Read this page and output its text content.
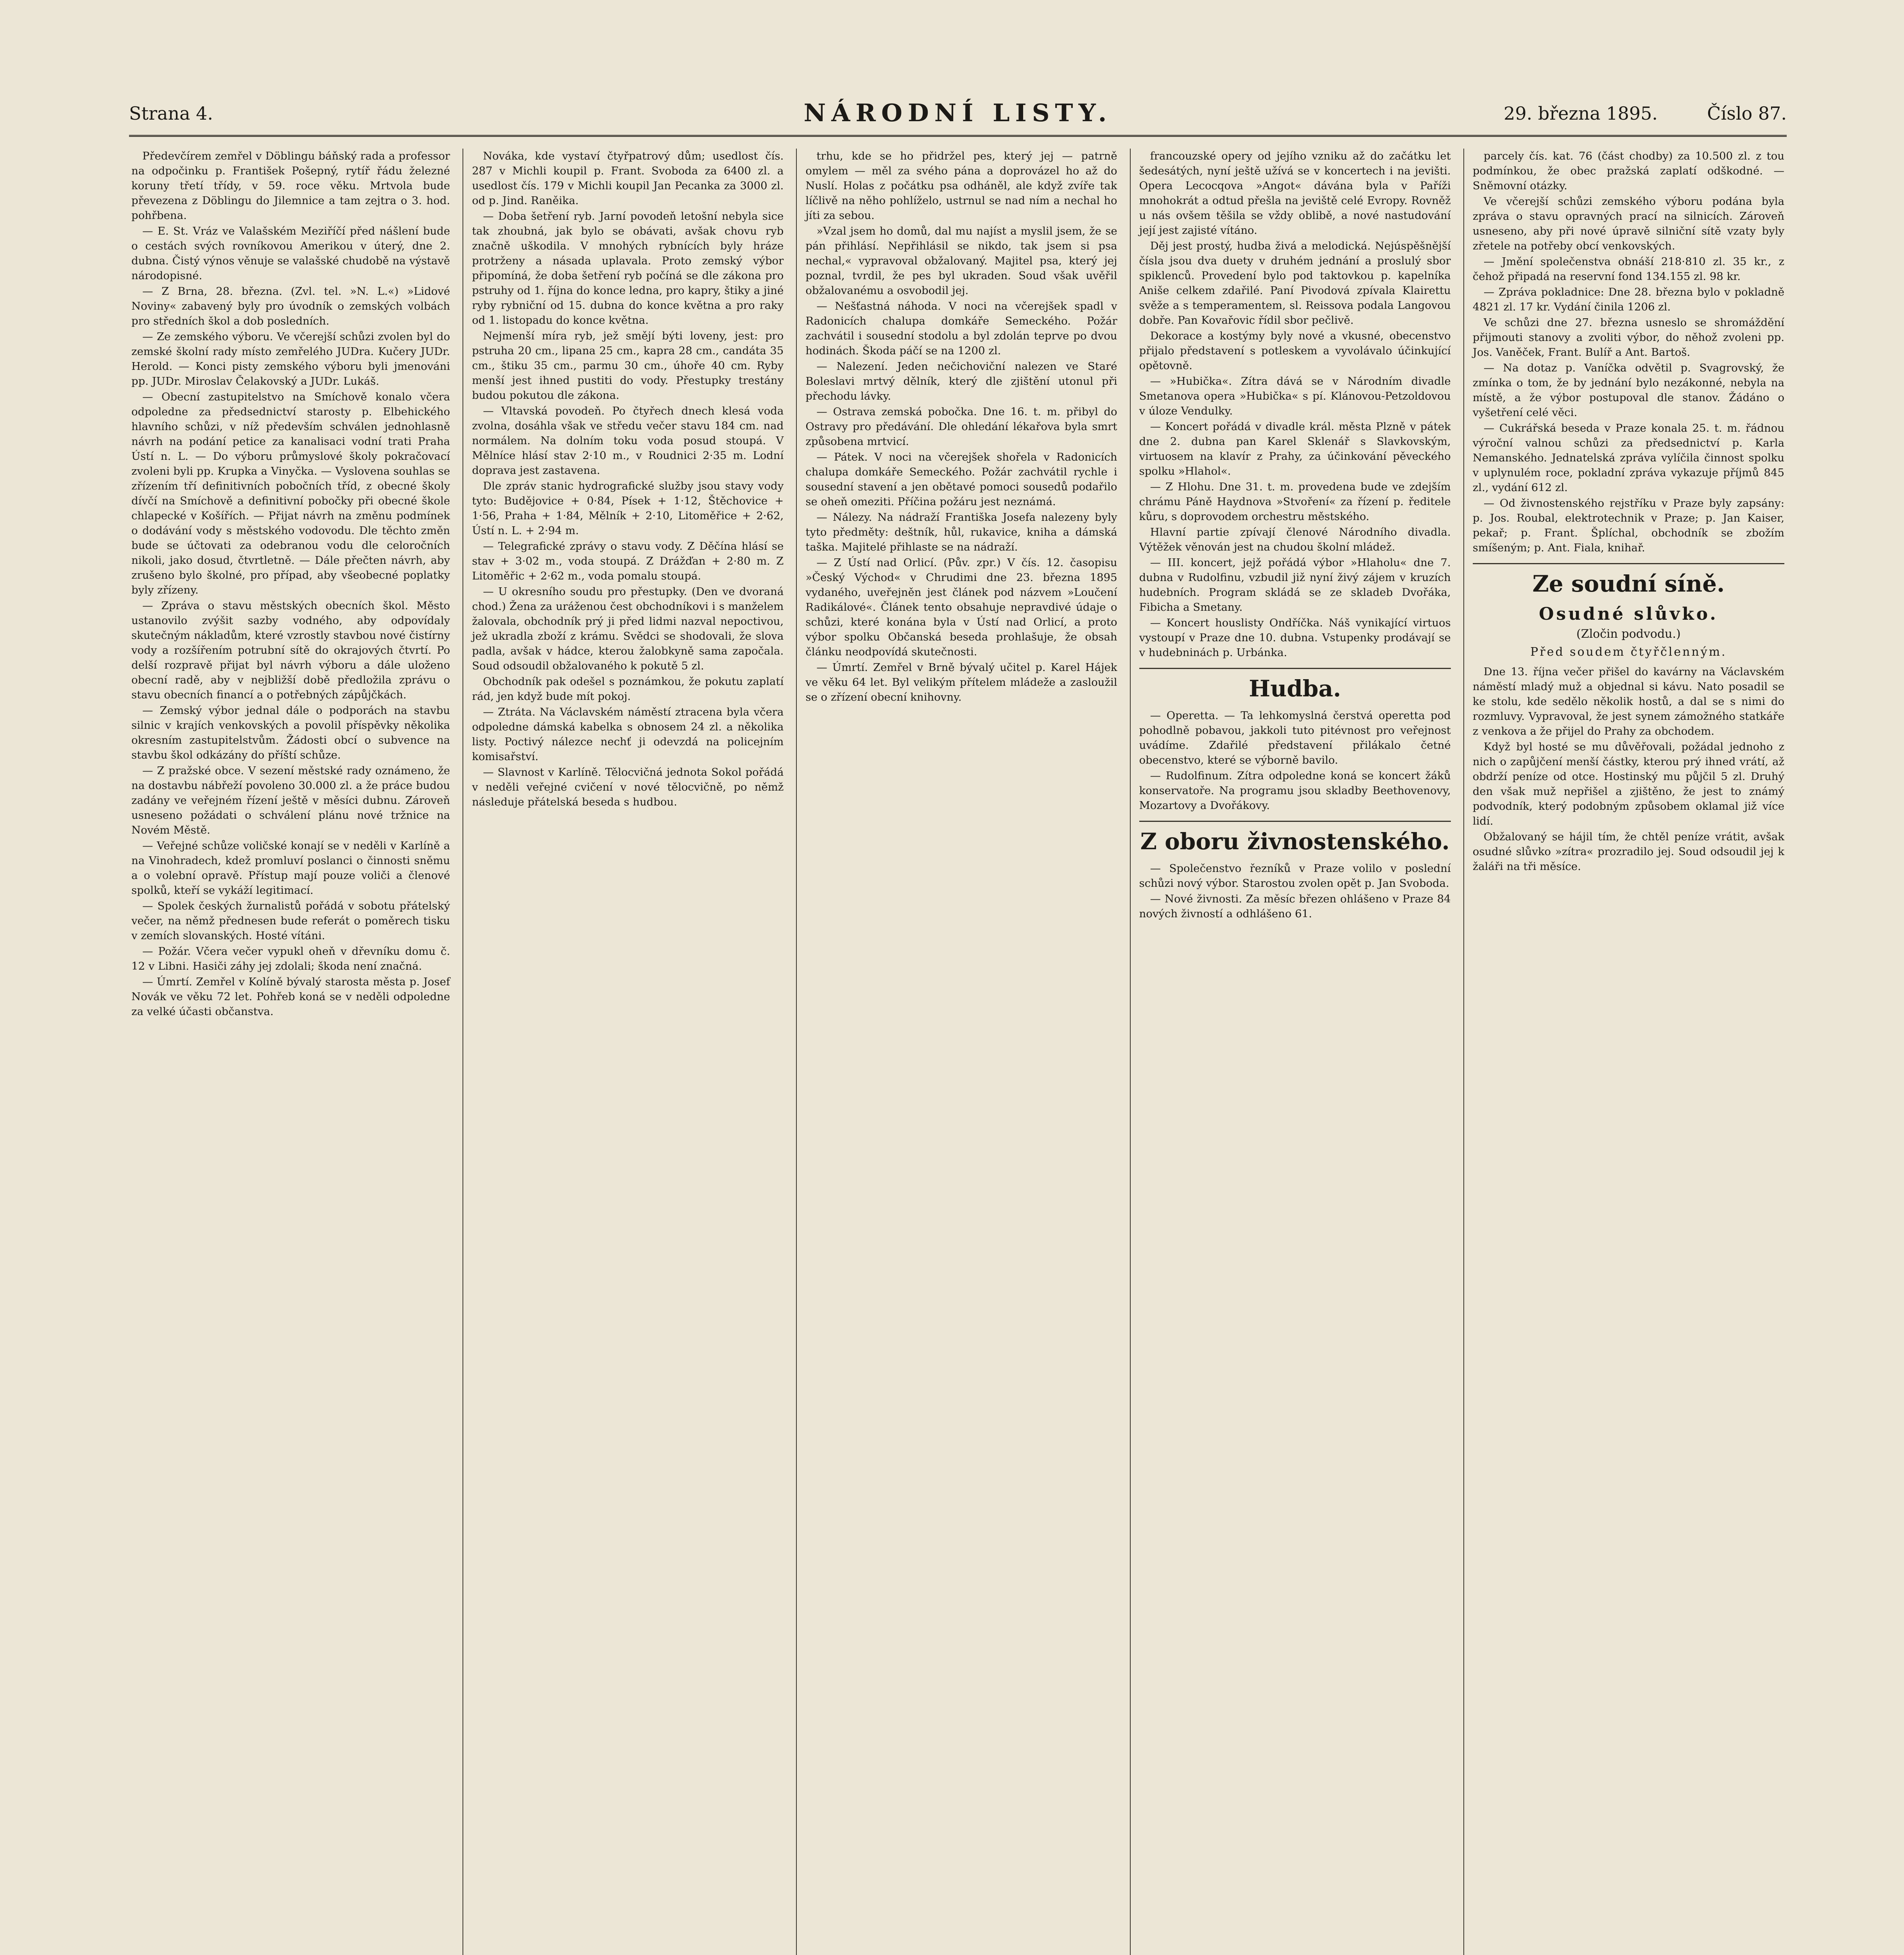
Strana 4.	NÁRODNÍ LISTY.	29. března 1895.	Číslo 87.

Předevčírem zemřel v Döblingu báňský rada a professor na odpočinku p. František Pošepný, rytíř řádu železné koruny třetí třídy, v 59. roce věku. Mrtvola bude převezena z Döblingu do Jilemnice a tam zejtra o 3. hod. pohřbena.

— E. St. Vráz ve Valašském Meziříčí před nášlení bude o cestách svých rovníkovou Amerikou v úterý, dne 2. dubna. Čistý výnos věnuje se valašské chudobě na výstavě národopisné.

— Z Brna, 28. března. (Zvl. tel. »N. L.«) »Lidové Noviny« zabavený byly pro úvodník o zemských volbách pro středních škol a dob posledních.

— Ze zemského výboru. Ve včerejší schůzi zvolen byl do zemské školní rady místo zemřelého JUDra. Kučery JUDr. Herold. — Konci pisty zemského výboru byli jmenováni pp. JUDr. Miroslav Čelakovský a JUDr. Lukáš.

— Obecní zastupitelstvo na Smíchově konalo včera odpoledne za předsednictví starosty p. Elbehického hlavního schůzi, v níž především schválen jednohlasně návrh na podání petice za kanalisaci vodní trati Praha Ústí n. L. — Do výboru průmyslové školy pokračovací zvoleni byli pp. Krupka a Vinyčka. — Vyslovena souhlas se zřízením tří definitivních pobočních tříd, z obecné školy dívčí na Smíchově a definitivní pobočky při obecné škole chlapecké v Košířích. — Přijat návrh na změnu podmínek o dodávání vody s městského vodovodu. Dle těchto změn bude se účtovati za odebranou vodu dle celoročních nikoli, jako dosud, čtvrtletně. — Dále přečten návrh, aby zrušeno bylo školné, pro případ, aby všeobecné poplatky byly zřízeny.

— Zpráva o stavu městských obecních škol. Město ustanovilo zvýšit sazby vodného, aby odpovídaly skutečným nákladům, které vzrostly stavbou nové čistírny vody a rozšířením potrubní sítě do okrajových čtvrtí. Po delší rozpravě přijat byl návrh výboru a dále uloženo obecní radě, aby v nejbližší době předložila zprávu o stavu obecních financí a o potřebných zápůjčkách.

— Zemský výbor jednal dále o podporách na stavbu silnic v krajích venkovských a povolil příspěvky několika okresním zastupitelstvům. Žádosti obcí o subvence na stavbu škol odkázány do příští schůze.

— Z pražské obce. V sezení městské rady oznámeno, že na dostavbu nábřeží povoleno 30.000 zl. a že práce budou zadány ve veřejném řízení ještě v měsíci dubnu. Zároveň usneseno požádati o schválení plánu nové tržnice na Novém Městě.

— Veřejné schůze voličské konají se v neděli v Karlíně a na Vinohradech, kdež promluví poslanci o činnosti sněmu a o volební opravě. Přístup mají pouze voliči a členové spolků, kteří se vykáží legitimací.

— Spolek českých žurnalistů pořádá v sobotu přátelský večer, na němž přednesen bude referát o poměrech tisku v zemích slovanských. Hosté vítáni.

— Požár. Včera večer vypukl oheň v dřevníku domu č. 12 v Libni. Hasiči záhy jej zdolali; škoda není značná.

— Úmrtí. Zemřel v Kolíně bývalý starosta města p. Josef Novák ve věku 72 let. Pohřeb koná se v neděli odpoledne za velké účasti občanstva.

Nováka, kde vystaví čtyřpatrový dům; usedlost čís. 287 v Michli koupil p. Frant. Svoboda za 6400 zl. a usedlost čís. 179 v Michli koupil Jan Pecanka za 3000 zl. od p. Jind. Raněika.

— Doba šetření ryb. Jarní povodeň letošní nebyla sice tak zhoubná, jak bylo se obávati, avšak chovu ryb značně uškodila. V mnohých rybnících byly hráze protrženy a násada uplavala. Proto zemský výbor připomíná, že doba šetření ryb počíná se dle zákona pro pstruhy od 1. října do konce ledna, pro kapry, štiky a jiné ryby rybniční od 15. dubna do konce května a pro raky od 1. listopadu do konce května.

Nejmenší míra ryb, jež smějí býti loveny, jest: pro pstruha 20 cm., lipana 25 cm., kapra 28 cm., candáta 35 cm., štiku 35 cm., parmu 30 cm., úhoře 40 cm. Ryby menší jest ihned pustiti do vody. Přestupky trestány budou pokutou dle zákona.

— Vltavská povodeň. Po čtyřech dnech klesá voda zvolna, dosáhla však ve středu večer stavu 184 cm. nad normálem. Na dolním toku voda posud stoupá. V Mělníce hlásí stav 2·10 m., v Roudnici 2·35 m. Lodní doprava jest zastavena.

Dle zpráv stanic hydrografické služby jsou stavy vody tyto: Budějovice + 0·84, Písek + 1·12, Štěchovice + 1·56, Praha + 1·84, Mělník + 2·10, Litoměřice + 2·62, Ústí n. L. + 2·94 m.

— Telegrafické zprávy o stavu vody. Z Děčína hlásí se stav + 3·02 m., voda stoupá. Z Drážďan + 2·80 m. Z Litoměřic + 2·62 m., voda pomalu stoupá.

— U okresního soudu pro přestupky. (Den ve dvoraná chod.) Žena za uráženou čest obchodníkovi i s manželem žalovala, obchodník prý ji před lidmi nazval nepoctivou, jež ukradla zboží z krámu. Svědci se shodovali, že slova padla, avšak v hádce, kterou žalobkyně sama započala. Soud odsoudil obžalovaného k pokutě 5 zl.

Obchodník pak odešel s poznámkou, že pokutu zaplatí rád, jen když bude mít pokoj.

— Ztráta. Na Václavském náměstí ztracena byla včera odpoledne dámská kabelka s obnosem 24 zl. a několika listy. Poctivý nálezce nechť ji odevzdá na policejním komisařství.

— Slavnost v Karlíně. Tělocvičná jednota Sokol pořádá v neděli veřejné cvičení v nové tělocvičně, po němž následuje přátelská beseda s hudbou.

trhu, kde se ho přidržel pes, který jej — patrně omylem — měl za svého pána a doprovázel ho až do Nuslí. Holas z počátku psa odháněl, ale když zvíře tak líčlivě na něho pohlíželo, ustrnul se nad ním a nechal ho jíti za sebou.

»Vzal jsem ho domů, dal mu najíst a myslil jsem, že se pán přihlásí. Nepřihlásil se nikdo, tak jsem si psa nechal,« vypravoval obžalovaný. Majitel psa, který jej poznal, tvrdil, že pes byl ukraden. Soud však uvěřil obžalovanému a osvobodil jej.

— Nešťastná náhoda. V noci na včerejšek spadl v Radonicích chalupa domkáře Semeckého. Požár zachvátil i sousední stodolu a byl zdolán teprve po dvou hodinách. Škoda páčí se na 1200 zl.

— Nalezení. Jeden nečichoviční nalezen ve Staré Boleslavi mrtvý dělník, který dle zjištění utonul při přechodu lávky.

— Ostrava zemská pobočka. Dne 16. t. m. přibyl do Ostravy pro předávání. Dle ohledání lékařova byla smrt způsobena mrtvicí.

— Pátek. V noci na včerejšek shořela v Radonicích chalupa domkáře Semeckého. Požár zachvátil rychle i sousední stavení a jen obětavé pomoci sousedů podařilo se oheň omeziti. Příčina požáru jest neznámá.

— Nálezy. Na nádraží Františka Josefa nalezeny byly tyto předměty: deštník, hůl, rukavice, kniha a dámská taška. Majitelé přihlaste se na nádraží.

— Z Ústí nad Orlicí. (Pův. zpr.) V čís. 12. časopisu »Český Východ« v Chrudimi dne 23. března 1895 vydaného, uveřejněn jest článek pod názvem »Loučení Radikálové«. Článek tento obsahuje nepravdivé údaje o schůzi, které konána byla v Ústí nad Orlicí, a proto výbor spolku Občanská beseda prohlašuje, že obsah článku neodpovídá skutečnosti.

— Úmrtí. Zemřel v Brně bývalý učitel p. Karel Hájek ve věku 64 let. Byl velikým přítelem mládeže a zasloužil se o zřízení obecní knihovny.

francouzské opery od jejího vzniku až do začátku let šedesátých, nyní ještě užívá se v koncertech i na jevišti. Opera Lecocqova »Angot« dávána byla v Paříži mnohokrát a odtud přešla na jeviště celé Evropy. Rovněž u nás ovšem těšila se vždy oblibě, a nové nastudování její jest zajisté vítáno.

Děj jest prostý, hudba živá a melodická. Nejúspěšnější čísla jsou dva duety v druhém jednání a proslulý sbor spiklenců. Provedení bylo pod taktovkou p. kapelníka Aniše celkem zdařilé. Paní Pivodová zpívala Klairettu svěže a s temperamentem, sl. Reissova podala Langovou dobře. Pan Kovařovic řídil sbor pečlivě.

Dekorace a kostýmy byly nové a vkusné, obecenstvo přijalo představení s potleskem a vyvolávalo účinkující opětovně.

— »Hubička«. Zítra dává se v Národním divadle Smetanova opera »Hubička« s pí. Klánovou-Petzoldovou v úloze Vendulky.

— Koncert pořádá v divadle král. města Plzně v pátek dne 2. dubna pan Karel Sklenář s Slavkovským, virtuosem na klavír z Prahy, za účinkování pěveckého spolku »Hlahol«.

— Z Hlohu. Dne 31. t. m. provedena bude ve zdejším chrámu Páně Haydnova »Stvoření« za řízení p. ředitele kůru, s doprovodem orchestru městského.

Hlavní partie zpívají členové Národního divadla. Výtěžek věnován jest na chudou školní mládež.

— III. koncert, jejž pořádá výbor »Hlaholu« dne 7. dubna v Rudolfinu, vzbudil již nyní živý zájem v kruzích hudebních. Program skládá se ze skladeb Dvořáka, Fibicha a Smetany.

— Koncert houslisty Ondříčka. Náš vynikající virtuos vystoupí v Praze dne 10. dubna. Vstupenky prodávají se v hudebninách p. Urbánka.

Hudba.

— Operetta. — Ta lehkomyslná čerstvá operetta pod pohodlně pobavou, jakkoli tuto pitévnost pro veřejnost uvádíme. Zdařilé představení přilákalo četné obecenstvo, které se výborně bavilo.

— Rudolfinum. Zítra odpoledne koná se koncert žáků konservatoře. Na programu jsou skladby Beethovenovy, Mozartovy a Dvořákovy.

Z oboru živnostenského.

— Společenstvo řezníků v Praze volilo v poslední schůzi nový výbor. Starostou zvolen opět p. Jan Svoboda.

— Nové živnosti. Za měsíc březen ohlášeno v Praze 84 nových živností a odhlášeno 61.

parcely čís. kat. 76 (část chodby) za 10.500 zl. z tou podmínkou, že obec pražská zaplatí odškodné. — Sněmovní otázky.

Ve včerejší schůzi zemského výboru podána byla zpráva o stavu opravných prací na silnicích. Zároveň usneseno, aby při nové úpravě silniční sítě vzaty byly zřetele na potřeby obcí venkovských.

— Jmění společenstva obnáší 218·810 zl. 35 kr., z čehož připadá na reservní fond 134.155 zl. 98 kr.

— Zpráva pokladnice: Dne 28. března bylo v pokladně 4821 zl. 17 kr. Vydání činila 1206 zl.

Ve schůzi dne 27. března usneslo se shromáždění přijmouti stanovy a zvoliti výbor, do něhož zvoleni pp. Jos. Vaněček, Frant. Bulíř a Ant. Bartoš.

— Na dotaz p. Vaníčka odvětil p. Svagrovský, že zmínka o tom, že by jednání bylo nezákonné, nebyla na místě, a že výbor postupoval dle stanov. Žádáno o vyšetření celé věci.

— Cukrářská beseda v Praze konala 25. t. m. řádnou výroční valnou schůzi za předsednictví p. Karla Nemanského. Jednatelská zpráva vylíčila činnost spolku v uplynulém roce, pokladní zpráva vykazuje příjmů 845 zl., vydání 612 zl.

— Od živnostenského rejstříku v Praze byly zapsány: p. Jos. Roubal, elektrotechnik v Praze; p. Jan Kaiser, pekař; p. Frant. Šplíchal, obchodník se zbožím smíšeným; p. Ant. Fiala, knihař.

Ze soudní síně.
Osudné slůvko.
(Zločin podvodu.)
Před soudem čtyřčlenným.

Dne 13. října večer přišel do kavárny na Václavském náměstí mladý muž a objednal si kávu. Nato posadil se ke stolu, kde sedělo několik hostů, a dal se s nimi do rozmluvy. Vypravoval, že jest synem zámožného statkáře z venkova a že přijel do Prahy za obchodem.

Když byl hosté se mu důvěřovali, požádal jednoho z nich o zapůjčení menší částky, kterou prý ihned vrátí, až obdrží peníze od otce. Hostinský mu půjčil 5 zl. Druhý den však muž nepřišel a zjištěno, že jest to známý podvodník, který podobným způsobem oklamal již více lidí.

Obžalovaný se hájil tím, že chtěl peníze vrátit, avšak osudné slůvko »zítra« prozradilo jej. Soud odsoudil jej k žaláři na tři měsíce.
